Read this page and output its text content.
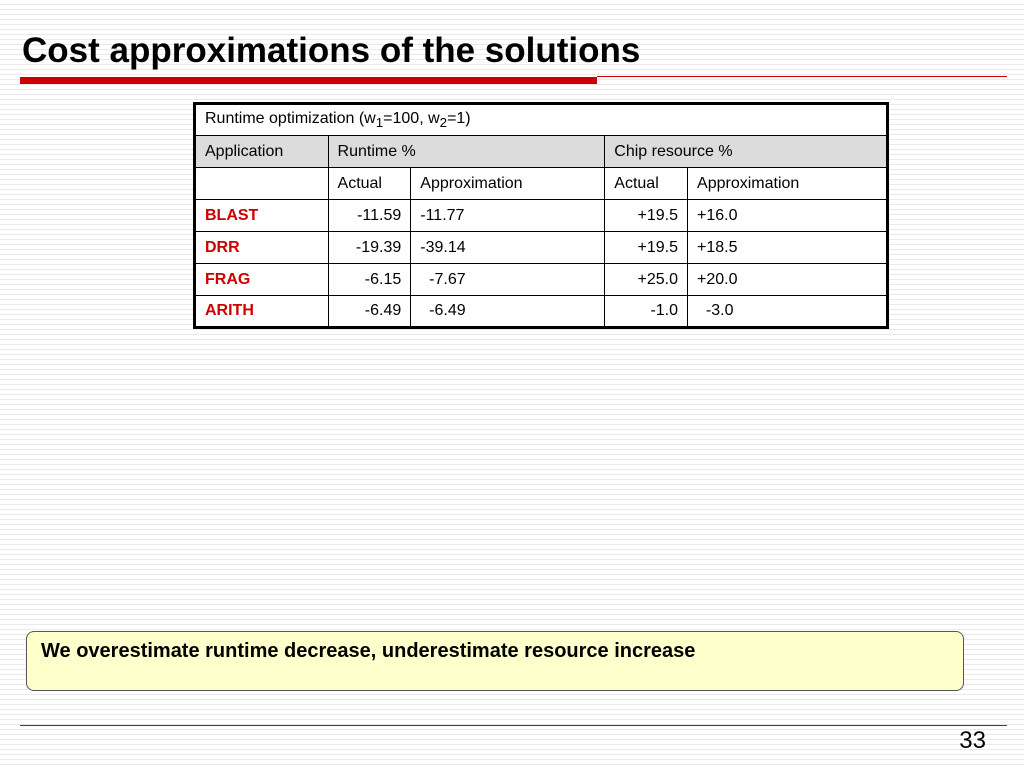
Cost approximations of the solutions
Runtime optimization ($w_1=100$, $w_2=1$)				
Application	Runtime %		Chip resource %	
	Actual	Approximation	Actual	Approximation
BLAST	-11.59	-11.77	+19.5	+16.0
DRR	-19.39	-39.14	+19.5	+18.5
FRAG	-6.15	-7.67	+25.0	+20.0
ARITH	-6.49	-6.49	-1.0	-3.0
We overestimate runtime decrease, underestimate resource increase
33
